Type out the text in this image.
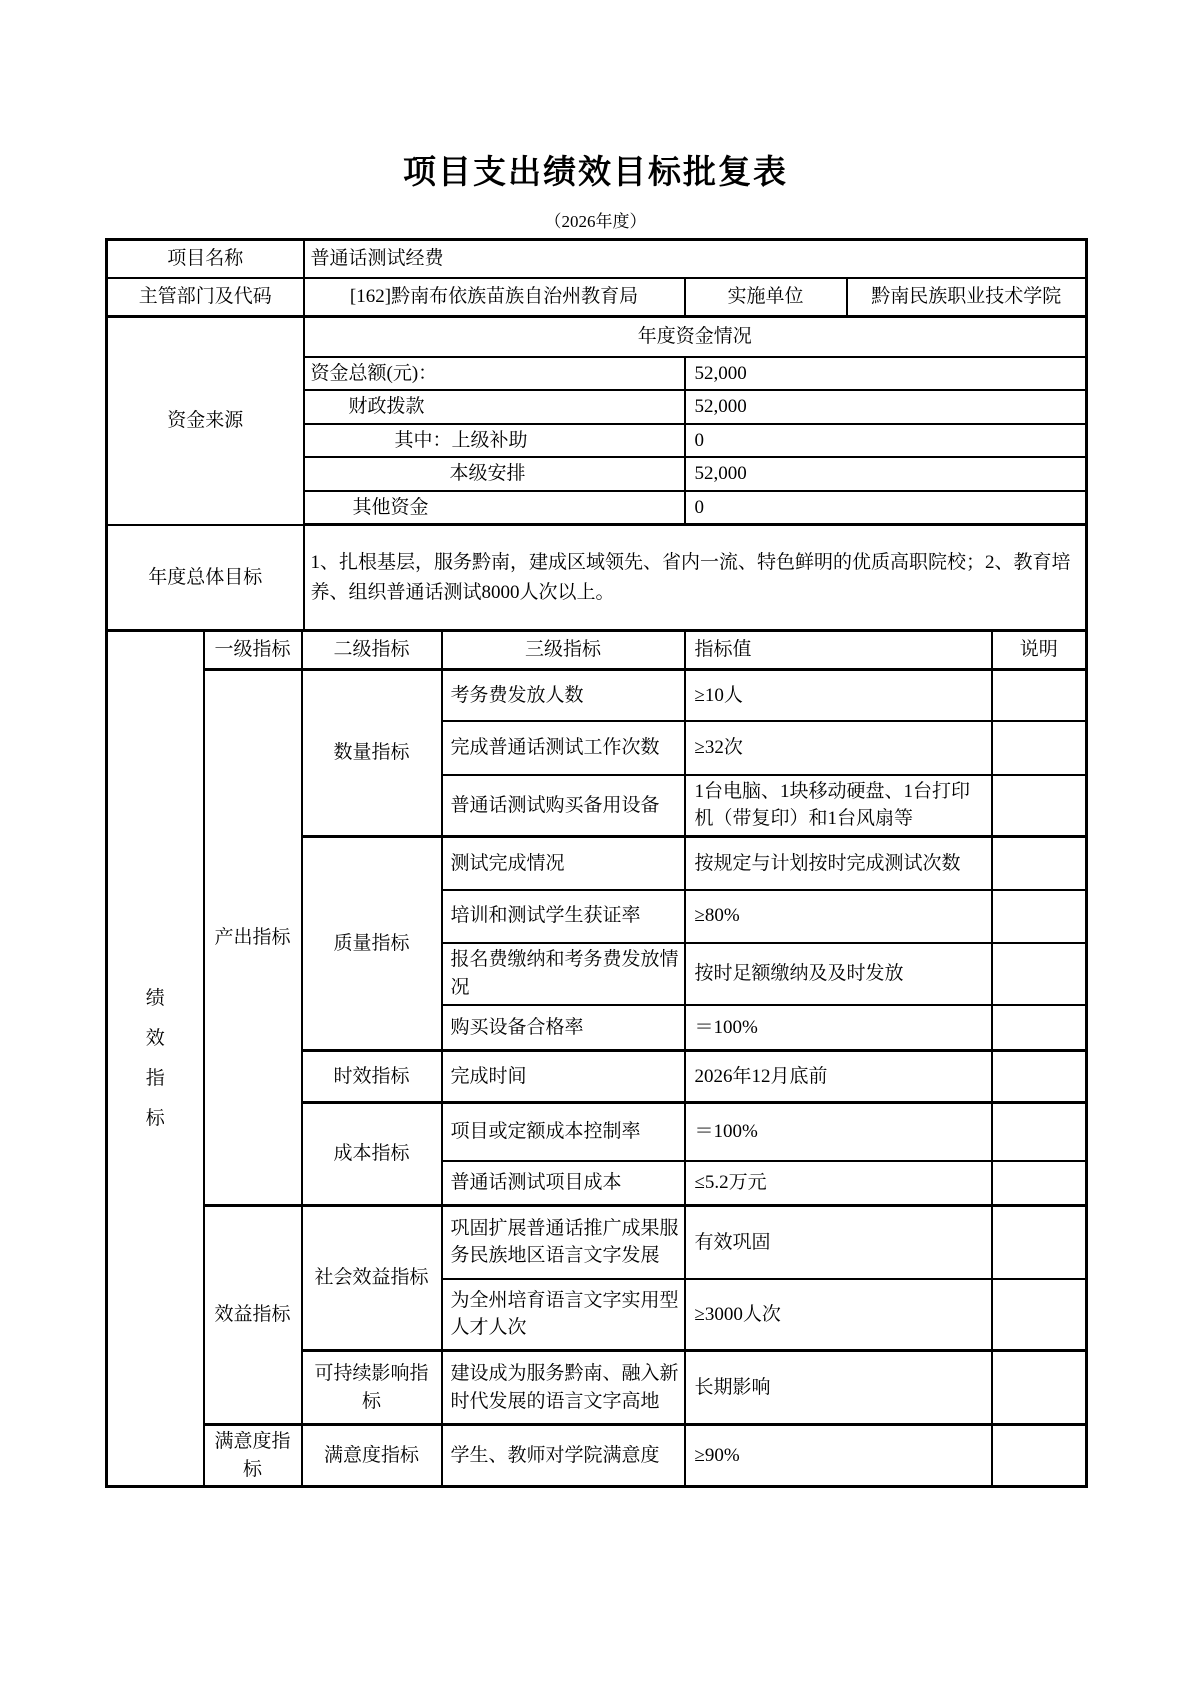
项目支出绩效目标批复表
（2026年度）
项目名称	普通话测试经费		
主管部门及代码	[162]黔南布依族苗族自治州教育局	实施单位	黔南民族职业技术学院
资金来源	年度资金情况		
	资金总额(元)：	52,000	
	财政拨款	52,000	
	其中：上级补助	0	
	本级安排	52,000	
	其他资金	0	
年度总体目标	1、扎根基层，服务黔南，建成区域领先、省内一流、特色鲜明的优质高职院校；2、教育培养、组织普通话测试8000人次以上。		
绩
效
指
标	一级指标	二级指标	三级指标	指标值	说明
	产出指标	数量指标	考务费发放人数	≥10人	
			完成普通话测试工作次数	≥32次	
			普通话测试购买备用设备	1台电脑、1块移动硬盘、1台打印机（带复印）和1台风扇等	
		质量指标	测试完成情况	按规定与计划按时完成测试次数	
			培训和测试学生获证率	≥80%	
			报名费缴纳和考务费发放情况	按时足额缴纳及及时发放	
			购买设备合格率	＝100%	
		时效指标	完成时间	2026年12月底前	
		成本指标	项目或定额成本控制率	＝100%	
			普通话测试项目成本	≤5.2万元	
	效益指标	社会效益指标	巩固扩展普通话推广成果服务民族地区语言文字发展	有效巩固	
			为全州培育语言文字实用型人才人次	≥3000人次	
		可持续影响指标	建设成为服务黔南、融入新时代发展的语言文字高地	长期影响	
	满意度指标	满意度指标	学生、教师对学院满意度	≥90%	
